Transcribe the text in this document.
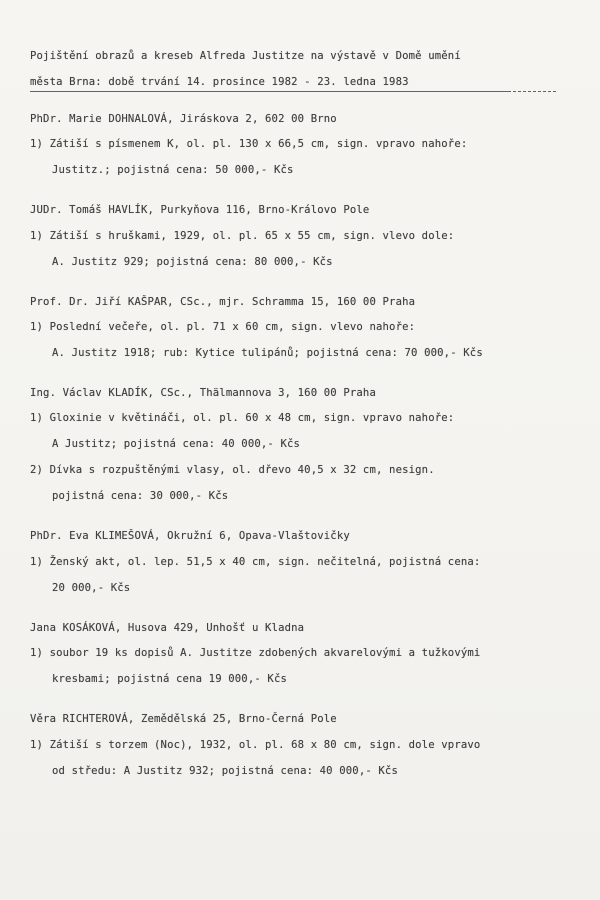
Pojištění obrazů a kreseb Alfreda Justitze na výstavě v Domě umění
města Brna: době trvání 14. prosince 1982 - 23. ledna 1983
PhDr. Marie DOHNALOVÁ, Jiráskova 2, 602 00 Brno
1) Zátiší s písmenem K, ol. pl. 130 x 66,5 cm, sign. vpravo nahoře:
Justitz.; pojistná cena: 50 000,- Kčs
JUDr. Tomáš HAVLÍK, Purkyňova 116, Brno-Královo Pole
1) Zátiší s hruškami, 1929, ol. pl. 65 x 55 cm, sign. vlevo dole:
A. Justitz 929; pojistná cena: 80 000,- Kčs
Prof. Dr. Jiří KAŠPAR, CSc., mjr. Schramma 15, 160 00 Praha
1) Poslední večeře, ol. pl. 71 x 60 cm, sign. vlevo nahoře:
A. Justitz 1918; rub: Kytice tulipánů; pojistná cena: 70 000,- Kčs
Ing. Václav KLADÍK, CSc., Thälmannova 3, 160 00 Praha
1) Gloxinie v květináči, ol. pl. 60 x 48 cm, sign. vpravo nahoře:
A Justitz; pojistná cena: 40 000,- Kčs
2) Dívka s rozpuštěnými vlasy, ol. dřevo 40,5 x 32 cm, nesign.
pojistná cena: 30 000,- Kčs
PhDr. Eva KLIMEŠOVÁ, Okružní 6, Opava-Vlaštovičky
1) Ženský akt, ol. lep. 51,5 x 40 cm, sign. nečitelná, pojistná cena:
20 000,- Kčs
Jana KOSÁKOVÁ, Husova 429, Unhošť u Kladna
1) soubor 19 ks dopisů A. Justitze zdobených akvarelovými a tužkovými
kresbami; pojistná cena 19 000,- Kčs
Věra RICHTEROVÁ, Zemědělská 25, Brno-Černá Pole
1) Zátiší s torzem (Noc), 1932, ol. pl. 68 x 80 cm, sign. dole vpravo
od středu: A Justitz 932; pojistná cena: 40 000,- Kčs
